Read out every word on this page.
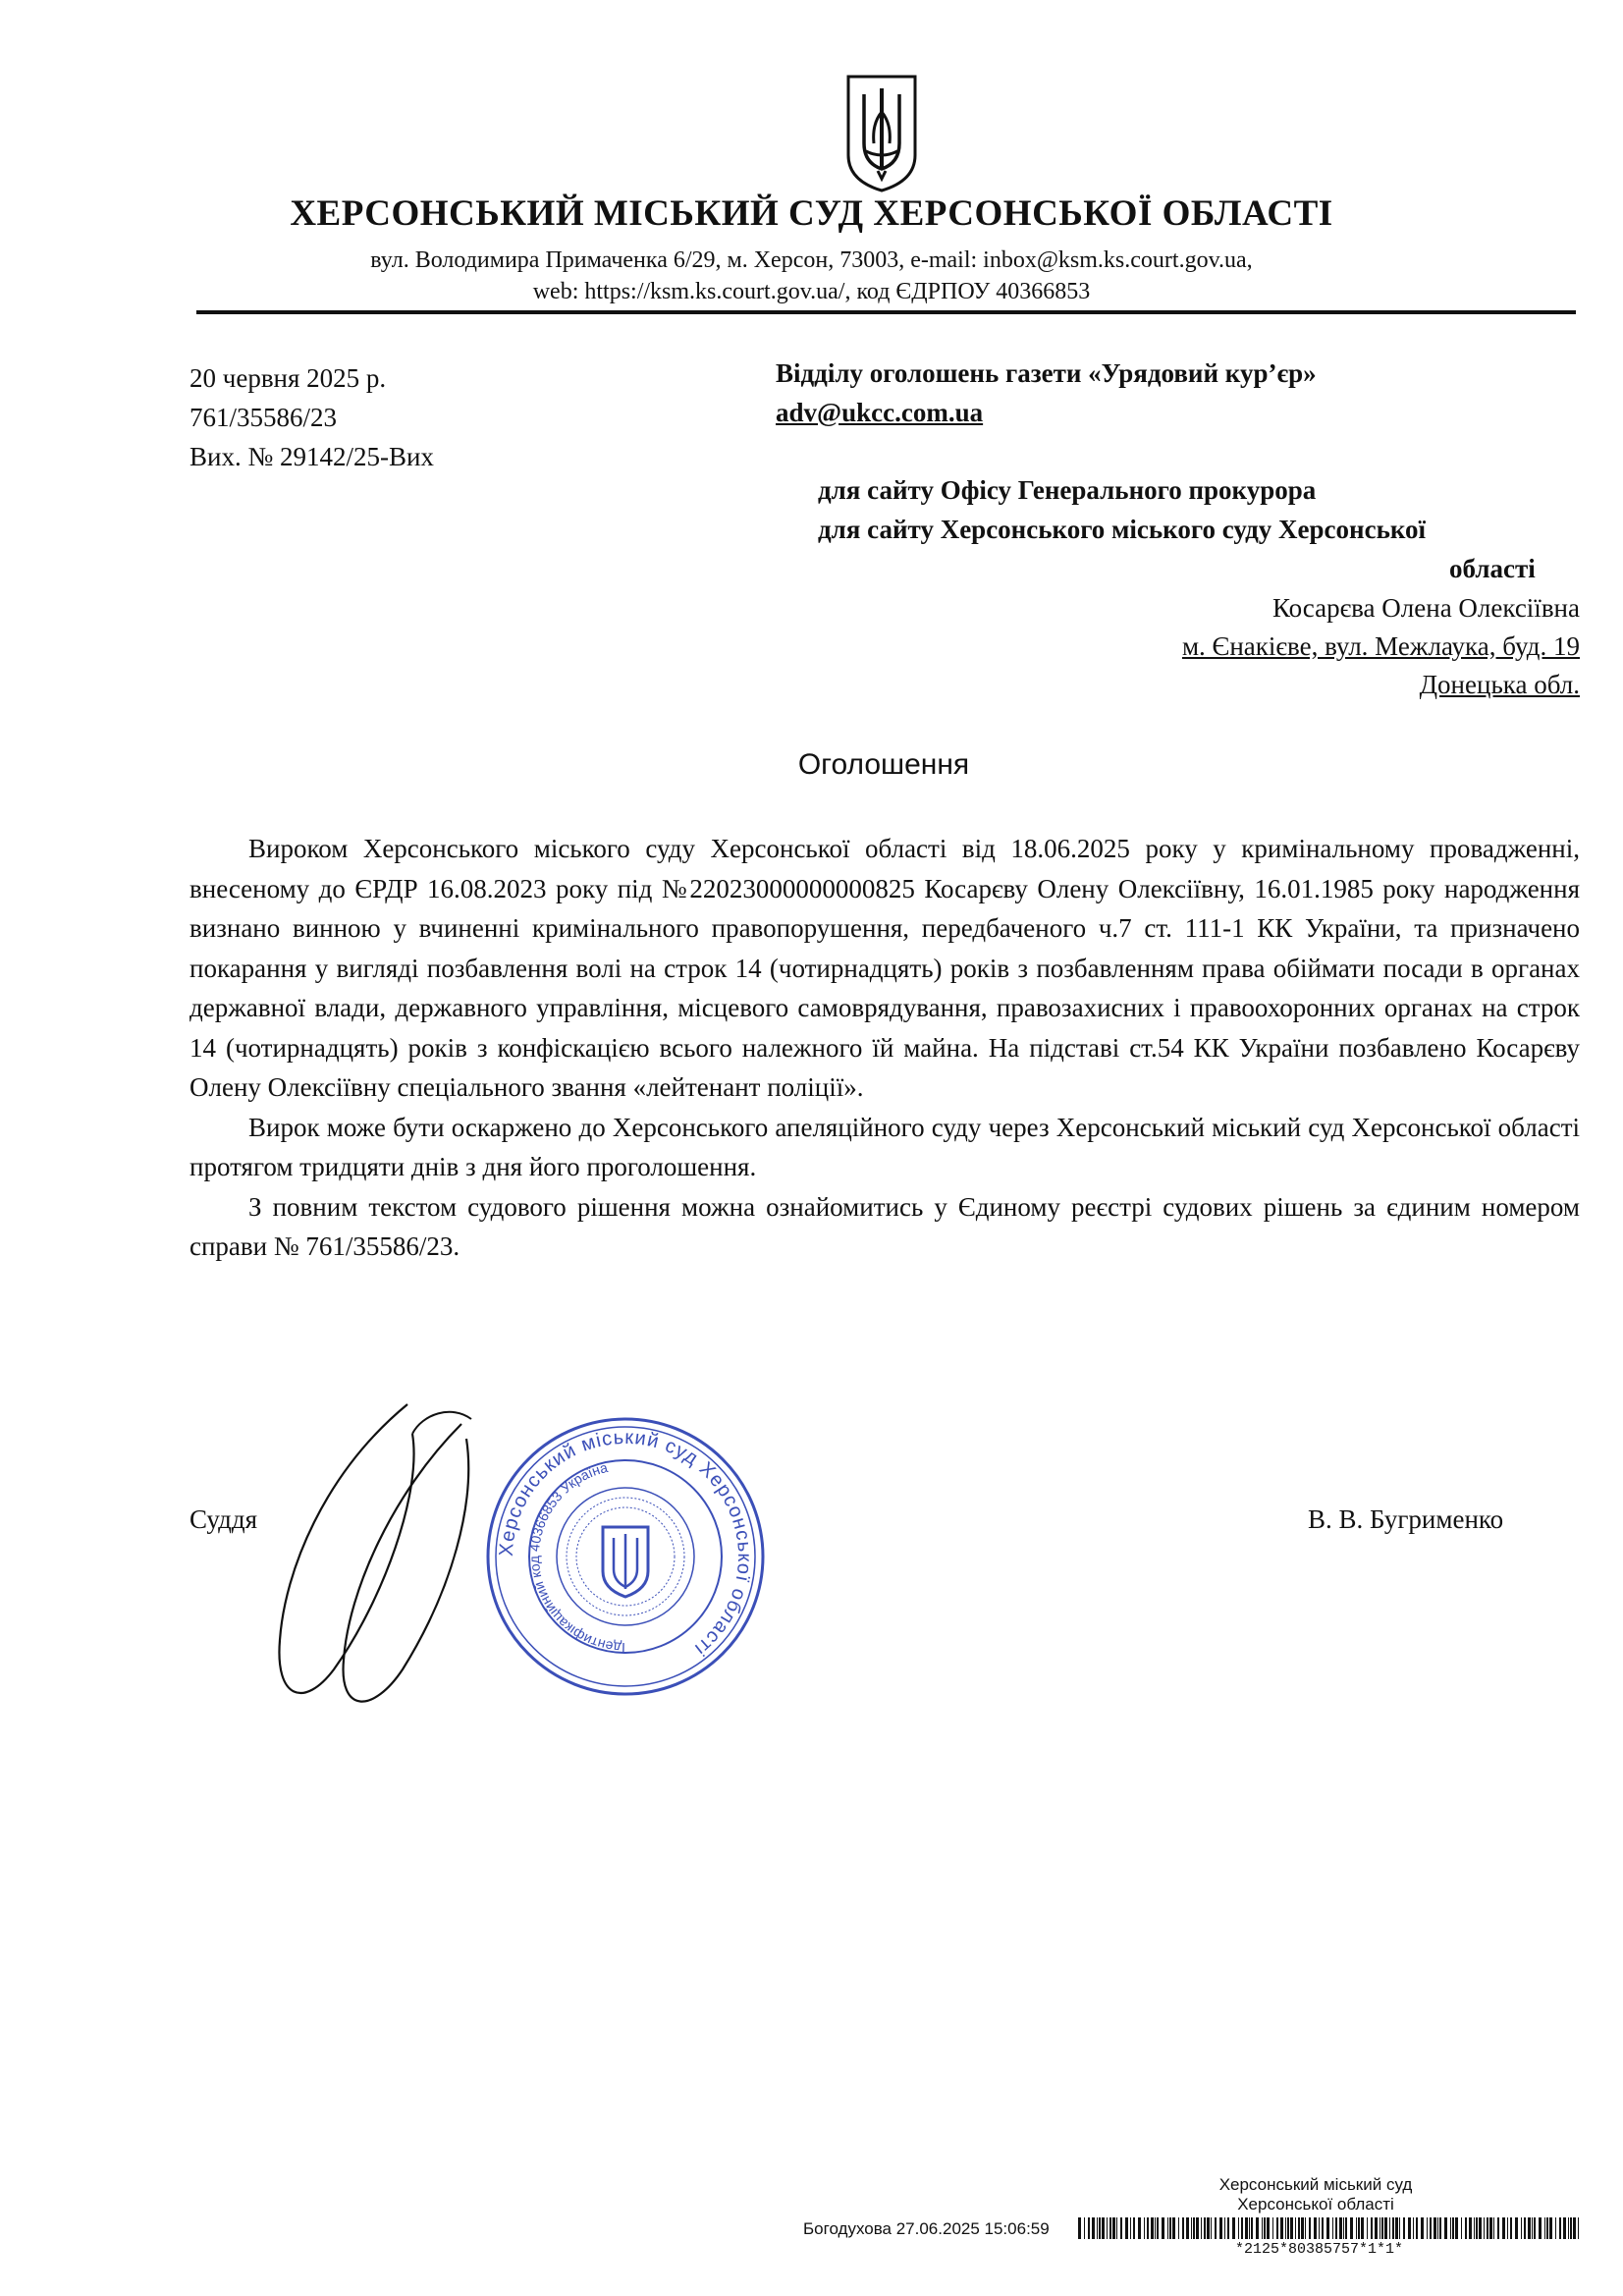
ХЕРСОНСЬКИЙ МІСЬКИЙ СУД ХЕРСОНСЬКОЇ ОБЛАСТІ
вул. Володимира Примаченка 6/29, м. Херсон, 73003, e-mail: inbox@ksm.ks.court.gov.ua,
web: https://ksm.ks.court.gov.ua/, код ЄДРПОУ 40366853
20 червня 2025 р.
761/35586/23
Вих. № 29142/25-Вих
Відділу оголошень газети «Урядовий кур’єр»
adv@ukcc.com.ua
для сайту Офісу Генерального прокурора
для сайту Херсонського міського суду Херсонської
області
Косарєва Олена Олексіївна
м. Єнакієве, вул. Межлаука, буд. 19
Донецька обл.
Оголошення

Вироком Херсонського міського суду Херсонської області від 18.06.2025 року у кримінальному провадженні, внесеному до ЄРДР 16.08.2023 року під №22023000000000825 Косарєву Олену Олексіївну, 16.01.1985 року народження визнано винною у вчиненні кримінального правопорушення, передбаченого ч.7 ст. 111-1 КК України, та призначено покарання у вигляді позбавлення волі на строк 14 (чотирнадцять) років з позбавленням права обіймати посади в органах державної влади, державного управління, місцевого самоврядування, правозахисних і правоохоронних органах на строк 14 (чотирнадцять) років з конфіскацією всього належного їй майна. На підставі ст.54 КК України позбавлено Косарєву Олену Олексіївну спеціального звання «лейтенант поліції».

Вирок може бути оскаржено до Херсонського апеляційного суду через Херсонський міський суд Херсонської області протягом тридцяти днів з дня його проголошення.

З повним текстом судового рішення можна ознайомитись у Єдиному реєстрі судових рішень за єдиним номером справи № 761/35586/23.

Суддя	В. В. Бугрименко
Херсонський міський суд Херсонської області
Ідентифікаційний код 40366853 Україна
Херсонський міський суд
Херсонської області
Богодухова 27.06.2025 15:06:59
*2125*80385757*1*1*
